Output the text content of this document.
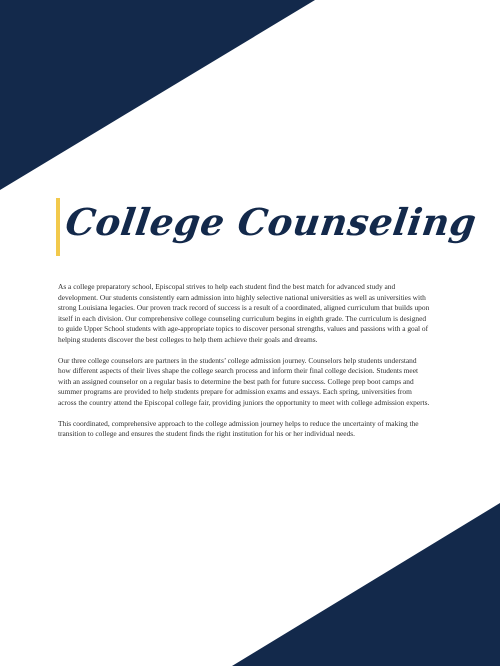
College Counseling

As a college preparatory school, Episcopal strives to help each student find the best match for advanced study and development. Our students consistently earn admission into highly selective national universities as well as universities with strong Louisiana legacies. Our proven track record of success is a result of a coordinated, aligned curriculum that builds upon itself in each division. Our comprehensive college counseling curriculum begins in eighth grade. The curriculum is designed to guide Upper School students with age-appropriate topics to discover personal strengths, values and passions with a goal of helping students discover the best colleges to help them achieve their goals and dreams.

Our three college counselors are partners in the students’ college admission journey. Counselors help students understand how different aspects of their lives shape the college search process and inform their final college decision. Students meet with an assigned counselor on a regular basis to determine the best path for future success. College prep boot camps and summer programs are provided to help students prepare for admission exams and essays. Each spring, universities from across the country attend the Episcopal college fair, providing juniors the opportunity to meet with college admission experts.

This coordinated, comprehensive approach to the college admission journey helps to reduce the uncertainty of making the transition to college and ensures the student finds the right institution for his or her individual needs.
